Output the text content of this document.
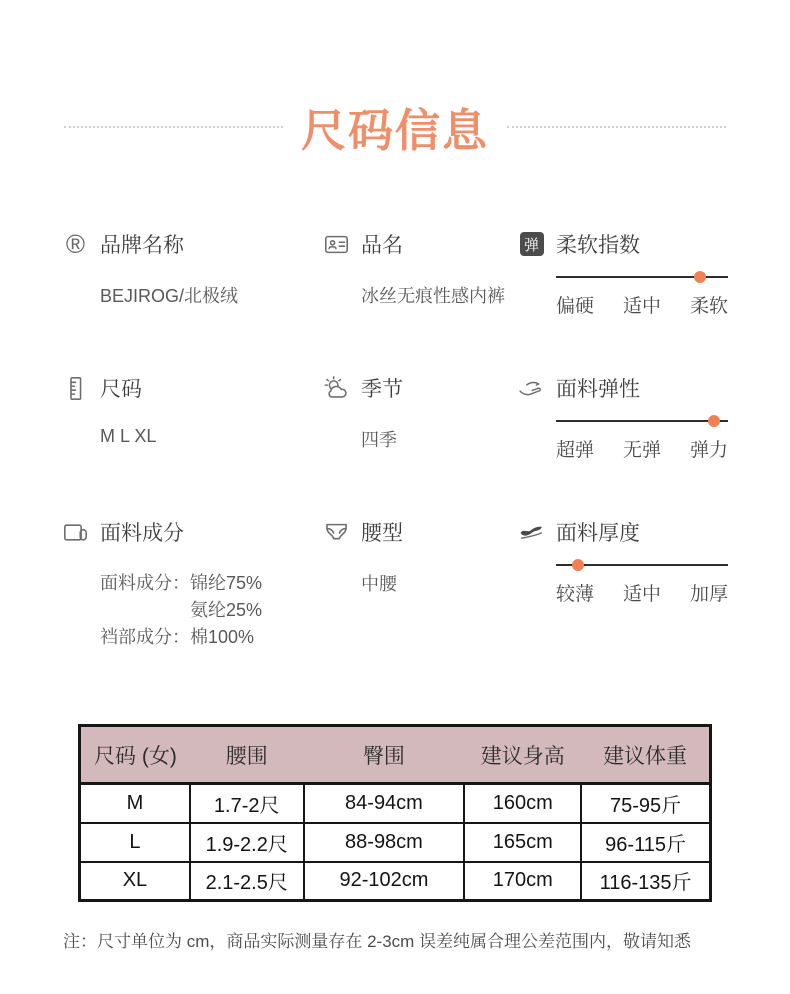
尺码信息
® 品牌名称
BEJIROG/北极绒
品名
冰丝无痕性感内裤
弹 柔软指数
偏硬 适中 柔软
尺码
M L XL
季节
四季
面料弹性
超弹 无弹 弹力
面料成分
面料成分：锦纶75%
氨纶25%
裆部成分：棉100%
腰型
中腰
面料厚度
较薄 适中 加厚
尺码 (女)	腰围	臀围	建议身高	建议体重
M	1.7-2尺	84-94cm	160cm	75-95斤
L	1.9-2.2尺	88-98cm	165cm	96-115斤
XL	2.1-2.5尺	92-102cm	170cm	116-135斤

注：尺寸单位为 cm，商品实际测量存在 2-3cm 误差纯属合理公差范围内，敬请知悉
